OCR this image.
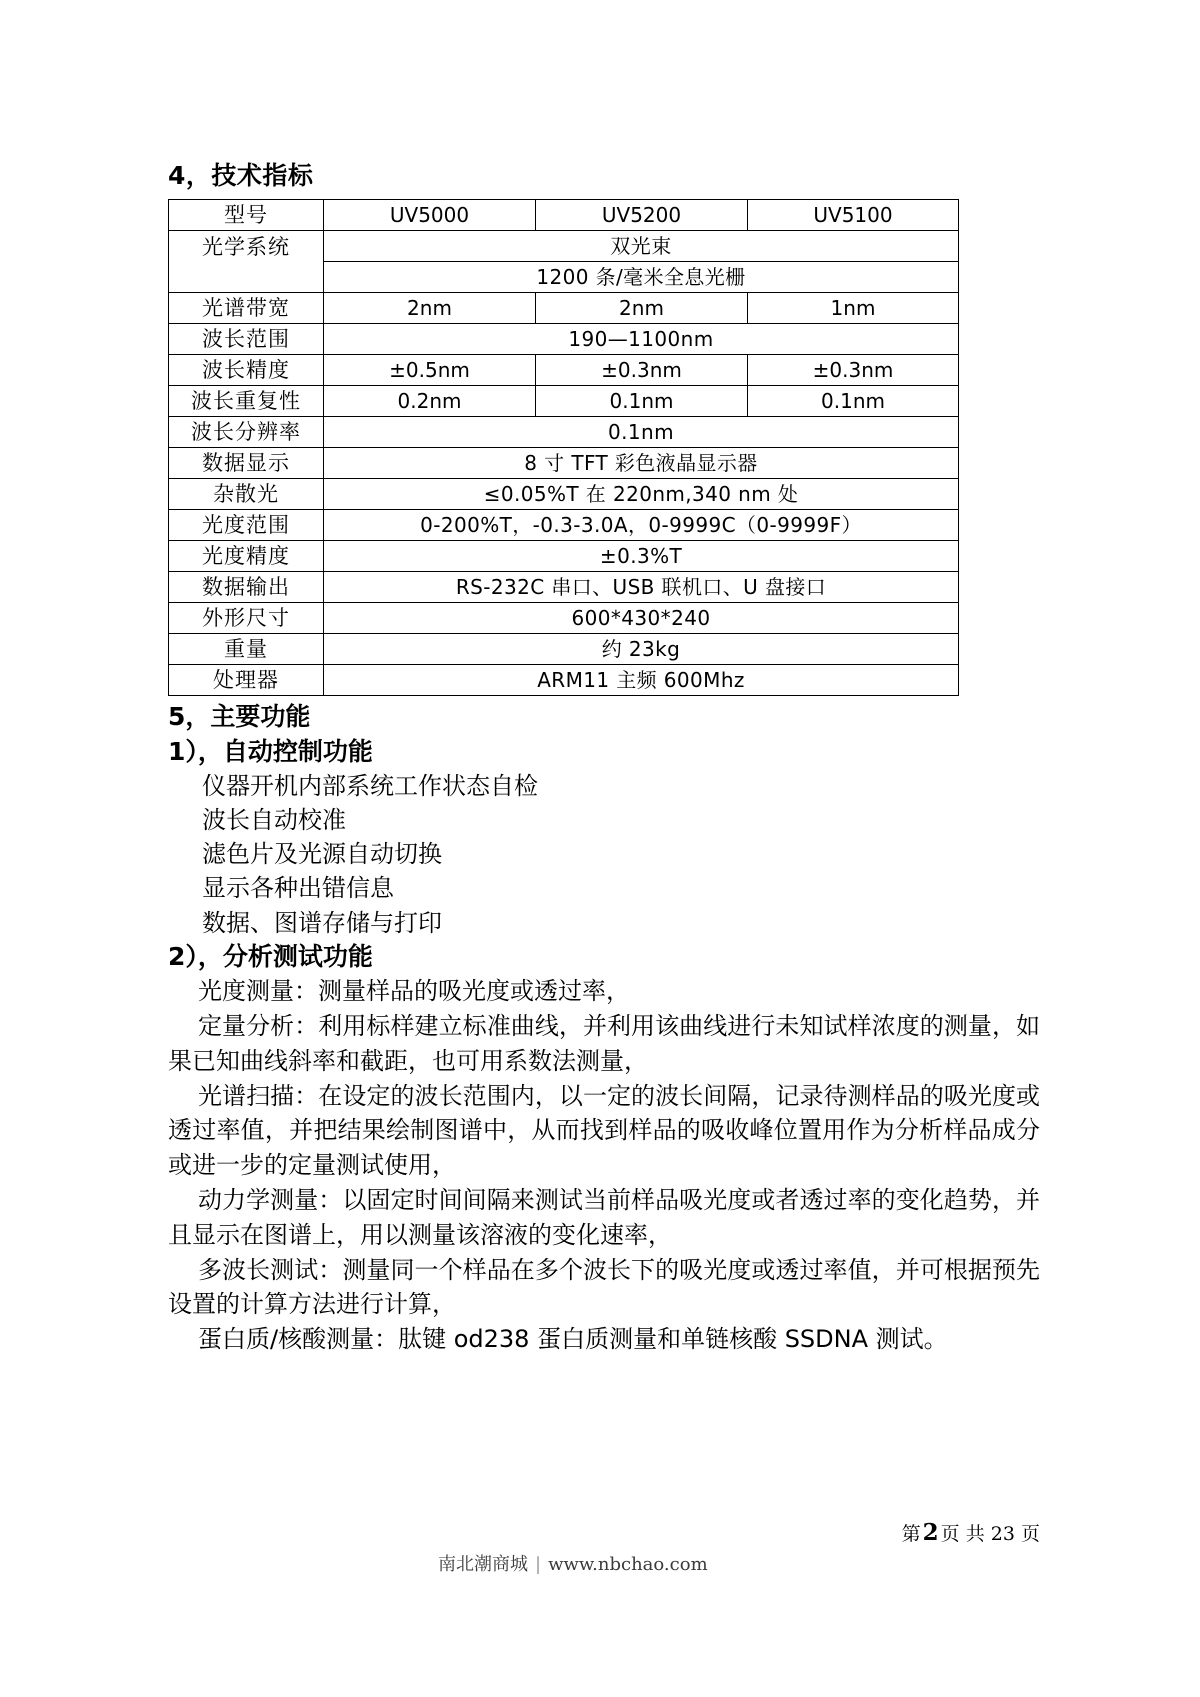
4，技术指标
型号	UV5000	UV5200	UV5100
光学系统	双光束		
	1200 条/毫米全息光栅		
光谱带宽	2nm	2nm	1nm
波长范围	190—1100nm		
波长精度	±0.5nm	±0.3nm	±0.3nm
波长重复性	0.2nm	0.1nm	0.1nm
波长分辨率	0.1nm		
数据显示	8 寸 TFT 彩色液晶显示器		
杂散光	≤0.05%T 在 220nm,340 nm 处		
光度范围	0-200%T，-0.3-3.0A，0-9999C（0-9999F）		
光度精度	±0.3%T		
数据输出	RS-232C 串口、USB 联机口、U 盘接口		
外形尺寸	600*430*240		
重量	约 23kg		
处理器	ARM11 主频 600Mhz		
5，主要功能
1），自动控制功能

仪器开机内部系统工作状态自检

波长自动校准

滤色片及光源自动切换

显示各种出错信息

数据、图谱存储与打印

2），分析测试功能

光度测量：测量样品的吸光度或透过率，

定量分析：利用标样建立标准曲线，并利用该曲线进行未知试样浓度的测量，如果已知曲线斜率和截距，也可用系数法测量，

光谱扫描：在设定的波长范围内，以一定的波长间隔，记录待测样品的吸光度或透过率值，并把结果绘制图谱中，从而找到样品的吸收峰位置用作为分析样品成分或进一步的定量测试使用，

动力学测量：以固定时间间隔来测试当前样品吸光度或者透过率的变化趋势，并且显示在图谱上，用以测量该溶液的变化速率，

多波长测试：测量同一个样品在多个波长下的吸光度或透过率值，并可根据预先设置的计算方法进行计算，

蛋白质/核酸测量：肽键 od238 蛋白质测量和单链核酸 SSDNA 测试。

第2 页 共 23 页
南北潮商城 | www.nbchao.com
